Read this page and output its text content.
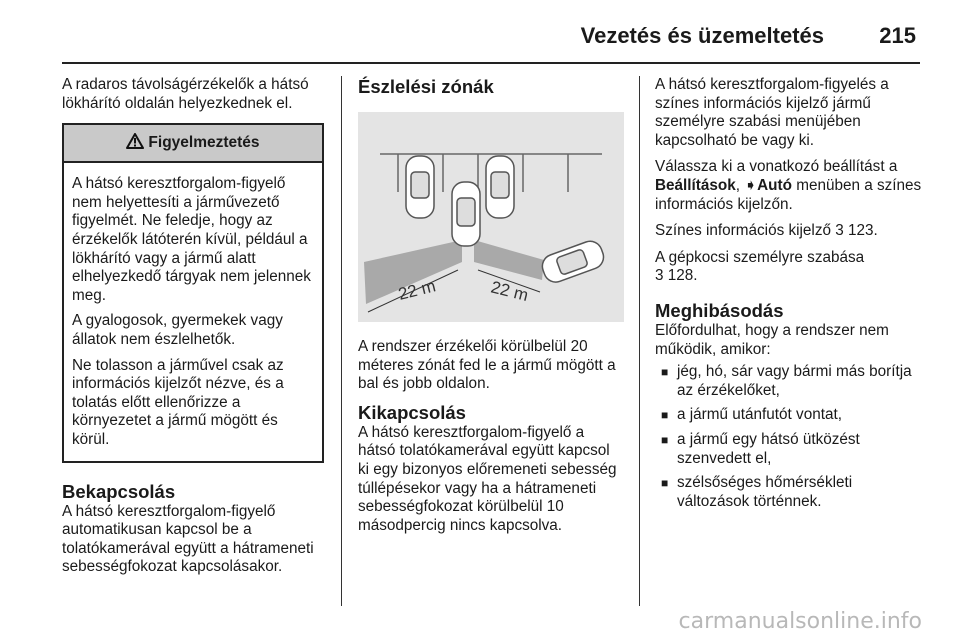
Vezetés és üzemeltetés	215

A radaros távolságérzékelők a hátsó lökhárító oldalán helyezkednek el.

Figyelmeztetés

A hátsó keresztforgalom-figyelő nem helyettesíti a járművezető figyelmét. Ne feledje, hogy az érzékelők látóterén kívül, például a lökhárító vagy a jármű alatt elhelyezkedő tárgyak nem jelennek meg.

A gyalogosok, gyermekek vagy állatok nem észlelhetők.

Ne tolasson a járművel csak az információs kijelzőt nézve, és a tolatás előtt ellenőrizze a környezetet a jármű mögött és körül.

Bekapcsolás

A hátsó keresztforgalom-figyelő automatikusan kapcsol be a tolatókamerával együtt a hátrameneti sebességfokozat kapcsolásakor.

Észlelési zónák
22 m	22 m

A rendszer érzékelői körülbelül 20 méteres zónát fed le a jármű mögött a bal és jobb oldalon.

Kikapcsolás

A hátsó keresztforgalom-figyelő a hátsó tolatókamerával együtt kapcsol ki egy bizonyos előremeneti sebesség túllépésekor vagy ha a hátrameneti sebességfokozat körülbelül 10 másodpercig nincs kapcsolva.

A hátsó keresztforgalom-figyelés a színes információs kijelző jármű személyre szabási menüjében kapcsolható be vagy ki.

Válassza ki a vonatkozó beállítást a Beállítások, ➧Autó menüben a színes információs kijelzőn.

Színes információs kijelző 3 123.

A gépkocsi személyre szabása
3 128.

Meghibásodás

Előfordulhat, hogy a rendszer nem működik, amikor:

■ jég, hó, sár vagy bármi más borítja az érzékelőket,
■ a jármű utánfutót vontat,
■ a jármű egy hátsó ütközést szenvedett el,
■ szélsőséges hőmérsékleti változások történnek.
carmanualsonline.info
